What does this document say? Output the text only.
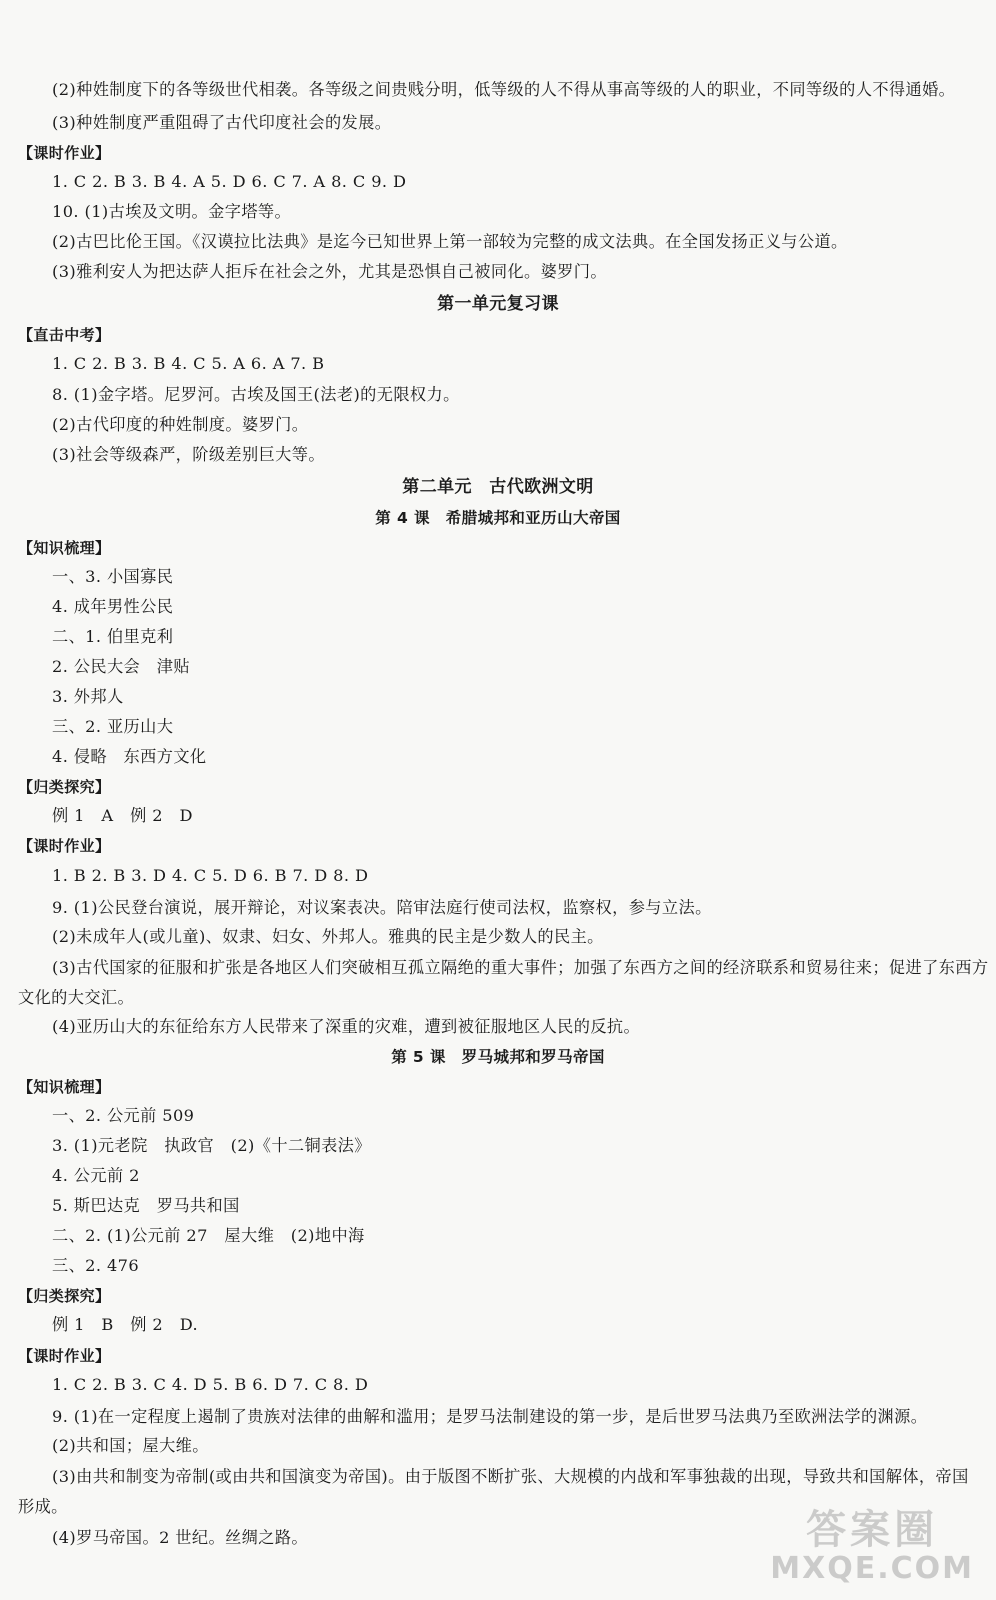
(2)种姓制度下的各等级世代相袭。各等级之间贵贱分明，低等级的人不得从事高等级的人的职业，不同等级的人不得通婚。
(3)种姓制度严重阻碍了古代印度社会的发展。
【课时作业】
1. C 2. B 3. B 4. A 5. D 6. C 7. A 8. C 9. D
10. (1)古埃及文明。金字塔等。
(2)古巴比伦王国。《汉谟拉比法典》是迄今已知世界上第一部较为完整的成文法典。在全国发扬正义与公道。
(3)雅利安人为把达萨人拒斥在社会之外，尤其是恐惧自己被同化。婆罗门。
第一单元复习课
【直击中考】
1. C 2. B 3. B 4. C 5. A 6. A 7. B
8. (1)金字塔。尼罗河。古埃及国王(法老)的无限权力。
(2)古代印度的种姓制度。婆罗门。
(3)社会等级森严，阶级差别巨大等。
第二单元　古代欧洲文明
第 4 课　希腊城邦和亚历山大帝国
【知识梳理】
一、3. 小国寡民
4. 成年男性公民
二、1. 伯里克利
2. 公民大会　津贴
3. 外邦人
三、2. 亚历山大
4. 侵略　东西方文化
【归类探究】
例 1　A　例 2　D
【课时作业】
1. B 2. B 3. D 4. C 5. D 6. B 7. D 8. D
9. (1)公民登台演说，展开辩论，对议案表决。陪审法庭行使司法权，监察权，参与立法。
(2)未成年人(或儿童)、奴隶、妇女、外邦人。雅典的民主是少数人的民主。
(3)古代国家的征服和扩张是各地区人们突破相互孤立隔绝的重大事件；加强了东西方之间的经济联系和贸易往来；促进了东西方
文化的大交汇。
(4)亚历山大的东征给东方人民带来了深重的灾难，遭到被征服地区人民的反抗。
第 5 课　罗马城邦和罗马帝国
【知识梳理】
一、2. 公元前 509
3. (1)元老院　执政官　(2)《十二铜表法》
4. 公元前 2
5. 斯巴达克　罗马共和国
二、2. (1)公元前 27　屋大维　(2)地中海
三、2. 476
【归类探究】
例 1　B　例 2　D.
【课时作业】
1. C 2. B 3. C 4. D 5. B 6. D 7. C 8. D
9. (1)在一定程度上遏制了贵族对法律的曲解和滥用；是罗马法制建设的第一步，是后世罗马法典乃至欧洲法学的渊源。
(2)共和国；屋大维。
(3)由共和制变为帝制(或由共和国演变为帝国)。由于版图不断扩张、大规模的内战和军事独裁的出现，导致共和国解体，帝国
形成。
(4)罗马帝国。2 世纪。丝绸之路。	答案圈
MXQE.COM
